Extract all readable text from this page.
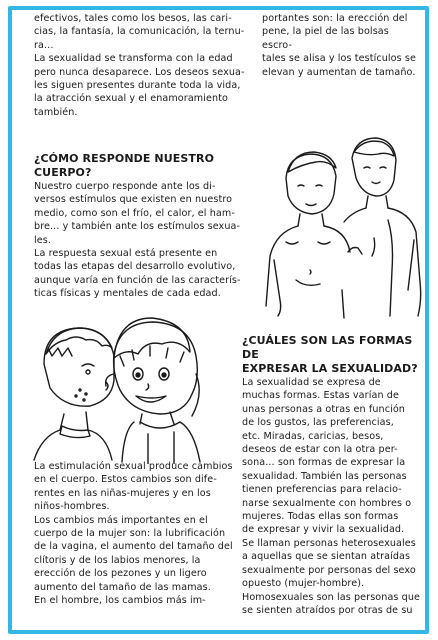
efectivos, tales como los besos, las cari-

cias, la fantasía, la comunicación, la ternu-

ra...

La sexualidad se transforma con la edad

pero nunca desaparece. Los deseos sexua-

les siguen presentes durante toda la vida,

la atracción sexual y el enamoramiento

también.

portantes son: la erección del

pene, la piel de las bolsas escro-

tales se alisa y los testículos se

elevan y aumentan de tamaño.

¿CÓMO RESPONDE NUESTRO CUERPO?

Nuestro cuerpo responde ante los di-

versos estímulos que existen en nuestro

medio, como son el frío, el calor, el ham-

bre... y también ante los estímulos sexua-

les.

La respuesta sexual está presente en

todas las etapas del desarrollo evolutivo,

aunque varía en función de las caracterís-

ticas físicas y mentales de cada edad.

La estimulación sexual produce cambios

en el cuerpo. Estos cambios son dife-

rentes en las niñas-mujeres y en los

niños-hombres.

Los cambios más importantes en el

cuerpo de la mujer son: la lubrificación

de la vagina, el aumento del tamaño del

clítoris y de los labios menores, la

erección de los pezones y un ligero

aumento del tamaño de las mamas.

En el hombre, los cambios más im-

¿CUÁLES SON LAS FORMAS DE

EXPRESAR LA SEXUALIDAD?

La sexualidad se expresa de

muchas formas. Estas varían de

unas personas a otras en función

de los gustos, las preferencias,

etc. Miradas, caricias, besos,

deseos de estar con la otra per-

sona... son formas de expresar la

sexualidad. También las personas

tienen preferencias para relacio-

narse sexualmente con hombres o

mujeres. Todas ellas son formas

de expresar y vivir la sexualidad.

Se llaman personas heterosexuales

a aquellas que se sientan atraídas

sexualmente por personas del sexo

opuesto (mujer-hombre).

Homosexuales son las personas que

se sienten atraídos por otras de su
